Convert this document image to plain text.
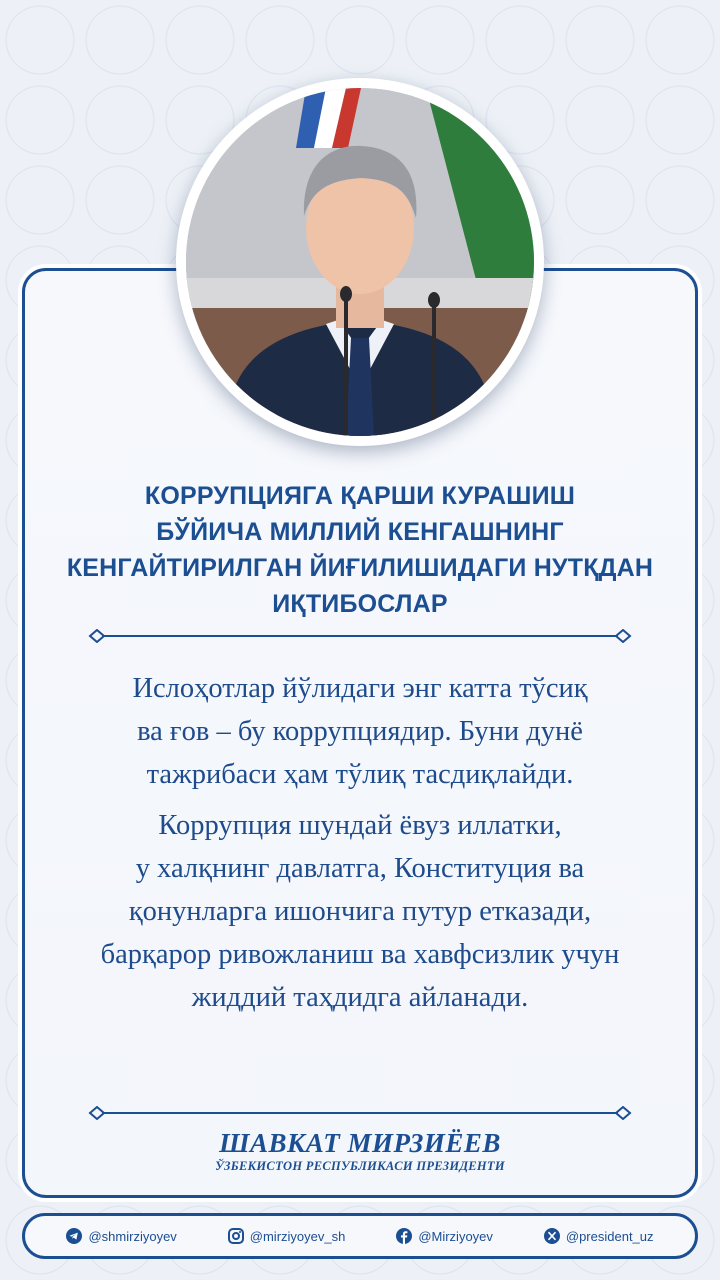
КОРРУПЦИЯГА ҚАРШИ КУРАШИШ
БЎЙИЧА МИЛЛИЙ КЕНГАШНИНГ
КЕНГАЙТИРИЛГАН ЙИҒИЛИШИДАГИ НУТҚДАН
ИҚТИБОСЛАР
Ислоҳотлар йўлидаги энг катта тўсиқ
ва ғов – бу коррупциядир. Буни дунё
тажрибаси ҳам тўлиқ тасдиқлайди.
Коррупция шундай ёвуз иллатки,
у халқнинг давлатга, Конституция ва
қонунларга ишончига путур етказади,
барқарор ривожланиш ва хавфсизлик учун
жиддий таҳдидга айланади.
ШАВКАТ МИРЗИЁЕВ
ЎЗБЕКИСТОН РЕСПУБЛИКАСИ ПРЕЗИДЕНТИ
@shmirziyoyev	@mirziyoyev_sh	@Mirziyoyev	@president_uz
